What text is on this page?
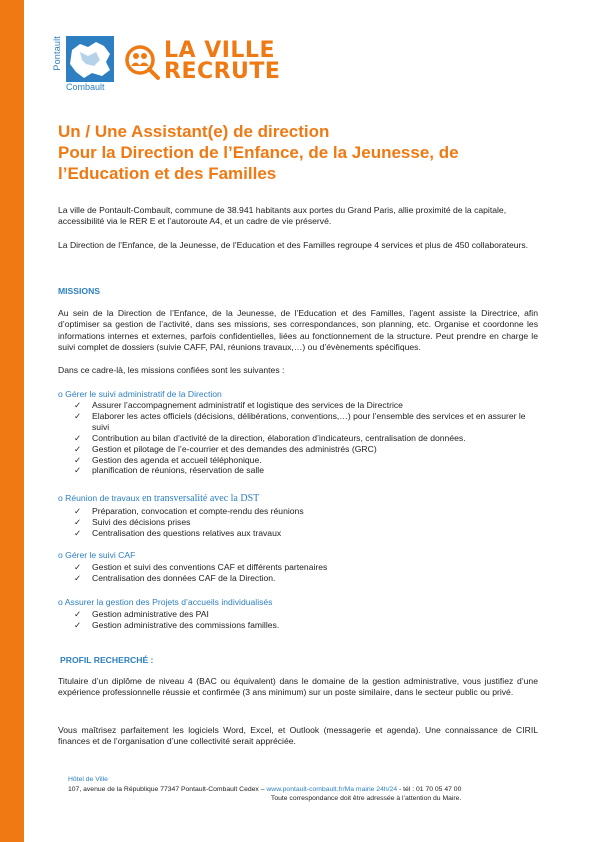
Pontault
Combault
LA VILLE
RECRUTE
Un / Une Assistant(e) de direction
Pour la Direction de l’Enfance, de la Jeunesse, de
l’Education et des Familles

La ville de Pontault-Combault, commune de 38.941 habitants aux portes du Grand Paris, allie proximité de la capitale, accessibilité via le RER E et l’autoroute A4, et un cadre de vie préservé.

La Direction de l’Enfance, de la Jeunesse, de l’Education et des Familles regroupe 4 services et plus de 450 collaborateurs.

MISSIONS

Au sein de la Direction de l’Enfance, de la Jeunesse, de l’Education et des Familles, l’agent assiste la Directrice, afin d’optimiser sa gestion de l’activité, dans ses missions, ses correspondances, son planning, etc. Organise et coordonne les informations internes et externes, parfois confidentielles, liées au fonctionnement de la structure. Peut prendre en charge le suivi complet de dossiers (suivie CAFF, PAI, réunions travaux,…) ou d’évènements spécifiques.

Dans ce cadre-là, les missions confiées sont les suivantes :

o Gérer le suivi administratif de la Direction
✓	Assurer l’accompagnement administratif et logistique des services de la Directrice
✓	Elaborer les actes officiels (décisions, délibérations, conventions,…) pour l’ensemble des services et en assurer le suivi
✓	Contribution au bilan d’activité de la direction, élaboration d’indicateurs, centralisation de données.
✓	Gestion et pilotage de l’e-courrier et des demandes des administrés (GRC)
✓	Gestion des agenda et accueil téléphonique.
✓	planification de réunions, réservation de salle
o Réunion de travaux en transversalité avec la DST
✓	Préparation, convocation et compte-rendu des réunions
✓	Suivi des décisions prises
✓	Centralisation des questions relatives aux travaux
o Gérer le suivi CAF
✓	Gestion et suivi des conventions CAF et différents partenaires
✓	Centralisation des données CAF de la Direction.
o Assurer la gestion des Projets d’accueils individualisés
✓	Gestion administrative des PAI
✓	Gestion administrative des commissions familles.
PROFIL RECHERCHÉ :

Titulaire d’un diplôme de niveau 4 (BAC ou équivalent) dans le domaine de la gestion administrative, vous justifiez d’une expérience professionnelle réussie et confirmée (3 ans minimum) sur un poste similaire, dans le secteur public ou privé.

Vous maîtrisez parfaitement les logiciels Word, Excel, et Outlook (messagerie et agenda). Une connaissance de CIRIL finances et de l’organisation d’une collectivité serait appréciée.

Hôtel de Ville
107, avenue de la République 77347 Pontault-Combault Cedex – www.pontault-combault.fr/Ma mairie 24h/24 - tél : 01 70 05 47 00
Toute correspondance doit être adressée à l’attention du Maire.
